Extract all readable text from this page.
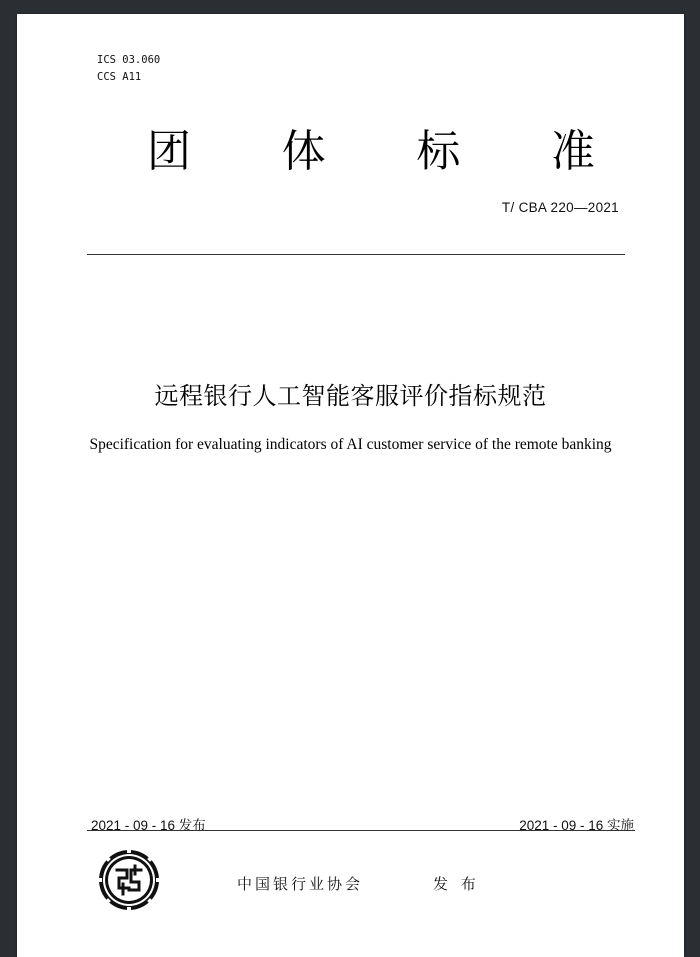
ICS 03.060
CCS A11
团 体 标 准
T/ CBA 220—2021
远程银行人工智能客服评价指标规范
Specification for evaluating indicators of AI customer service of the remote banking
2021 - 09 - 16 发布	2021 - 09 - 16 实施
中国银行业协会	发 布
